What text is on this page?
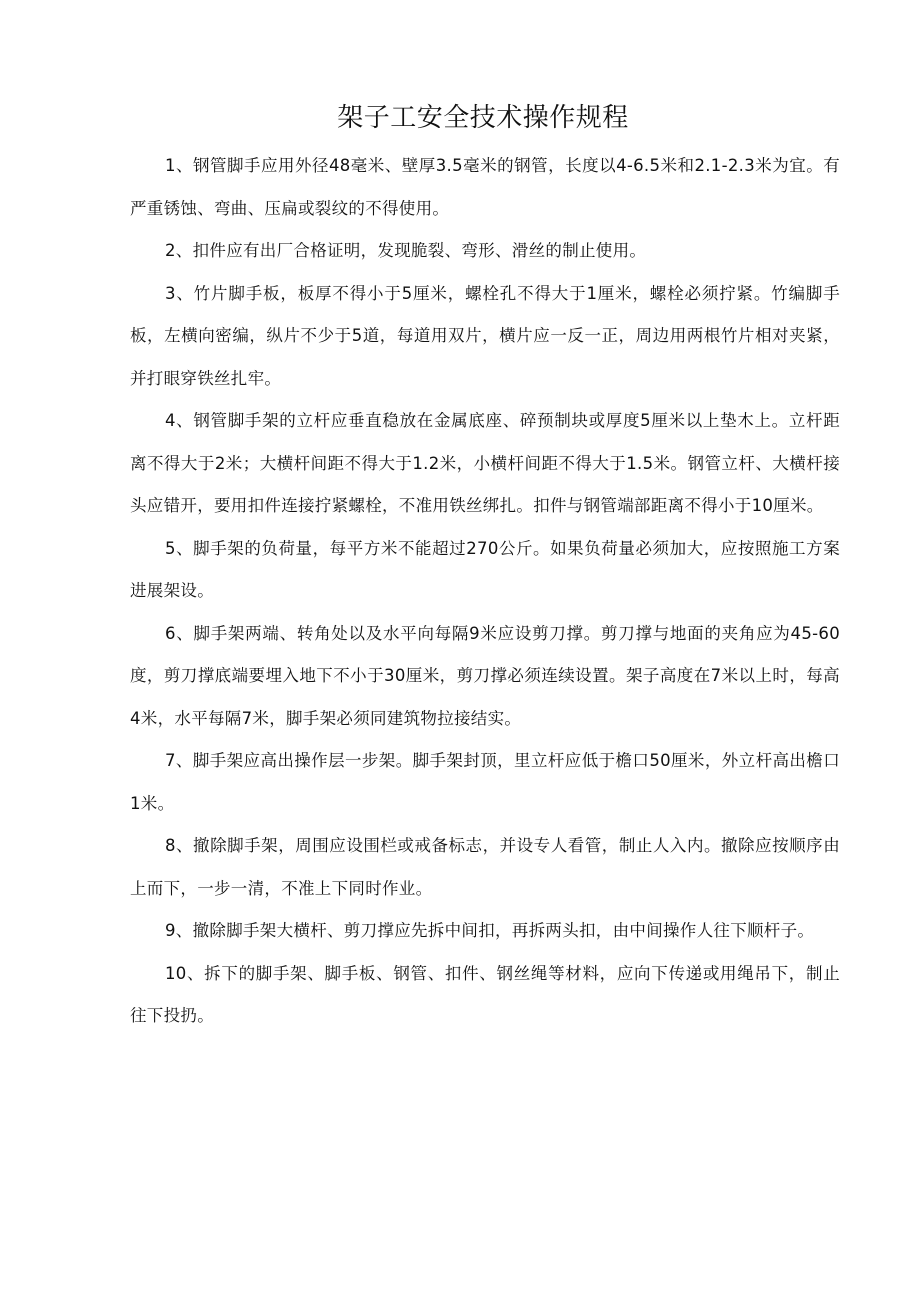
架子工安全技术操作规程

1、钢管脚手应用外径48毫米、壁厚3.5毫米的钢管，长度以4-6.5米和2.1-2.3米为宜。有严重锈蚀、弯曲、压扁或裂纹的不得使用。

2、扣件应有出厂合格证明，发现脆裂、弯形、滑丝的制止使用。

3、竹片脚手板，板厚不得小于5厘米，螺栓孔不得大于1厘米，螺栓必须拧紧。竹编脚手板，左横向密编，纵片不少于5道，每道用双片，横片应一反一正，周边用两根竹片相对夹紧，并打眼穿铁丝扎牢。

4、钢管脚手架的立杆应垂直稳放在金属底座、碎预制块或厚度5厘米以上垫木上。立杆距离不得大于2米；大横杆间距不得大于1.2米，小横杆间距不得大于1.5米。钢管立杆、大横杆接头应错开，要用扣件连接拧紧螺栓，不准用铁丝绑扎。扣件与钢管端部距离不得小于10厘米。

5、脚手架的负荷量，每平方米不能超过270公斤。如果负荷量必须加大，应按照施工方案进展架设。

6、脚手架两端、转角处以及水平向每隔9米应设剪刀撑。剪刀撑与地面的夹角应为45-60度，剪刀撑底端要埋入地下不小于30厘米，剪刀撑必须连续设置。架子高度在7米以上时，每高4米，水平每隔7米，脚手架必须同建筑物拉接结实。

7、脚手架应高出操作层一步架。脚手架封顶，里立杆应低于檐口50厘米，外立杆高出檐口1米。

8、撤除脚手架，周围应设围栏或戒备标志，并设专人看管，制止人入内。撤除应按顺序由上而下，一步一清，不准上下同时作业。

9、撤除脚手架大横杆、剪刀撑应先拆中间扣，再拆两头扣，由中间操作人往下顺杆子。

10、拆下的脚手架、脚手板、钢管、扣件、钢丝绳等材料，应向下传递或用绳吊下，制止往下投扔。
